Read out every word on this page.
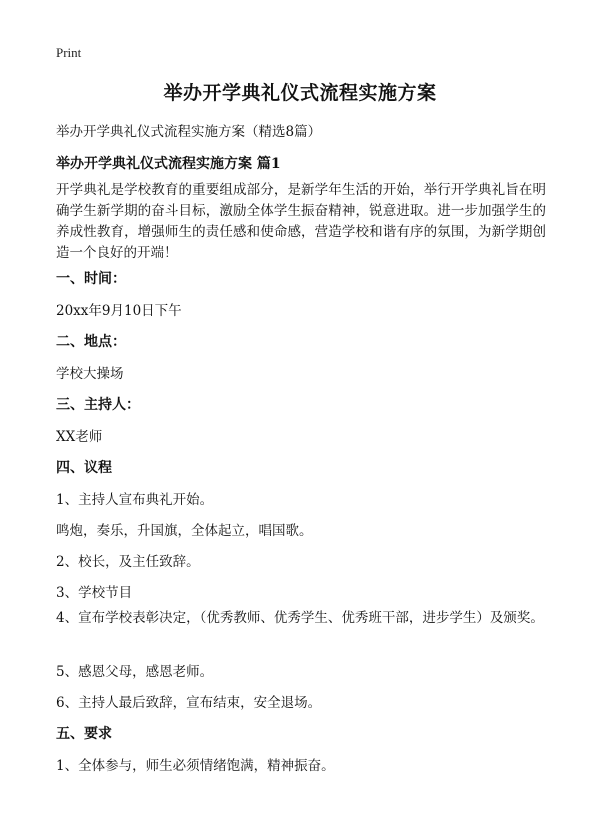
Print
举办开学典礼仪式流程实施方案
举办开学典礼仪式流程实施方案（精选8篇）
举办开学典礼仪式流程实施方案 篇1
开学典礼是学校教育的重要组成部分，是新学年生活的开始，举行开学典礼旨在明确学生新学期的奋斗目标，激励全体学生振奋精神，锐意进取。进一步加强学生的养成性教育，增强师生的责任感和使命感，营造学校和谐有序的氛围，为新学期创造一个良好的开端！
一、时间：
20xx年9月10日下午
二、地点：
学校大操场
三、主持人：
XX老师
四、议程
1、主持人宣布典礼开始。
鸣炮，奏乐，升国旗，全体起立，唱国歌。
2、校长，及主任致辞。
3、学校节目
4、宣布学校表彰决定，（优秀教师、优秀学生、优秀班干部，进步学生）及颁奖。
5、感恩父母，感恩老师。
6、主持人最后致辞，宣布结束，安全退场。
五、要求
1、全体参与，师生必须情绪饱满，精神振奋。
